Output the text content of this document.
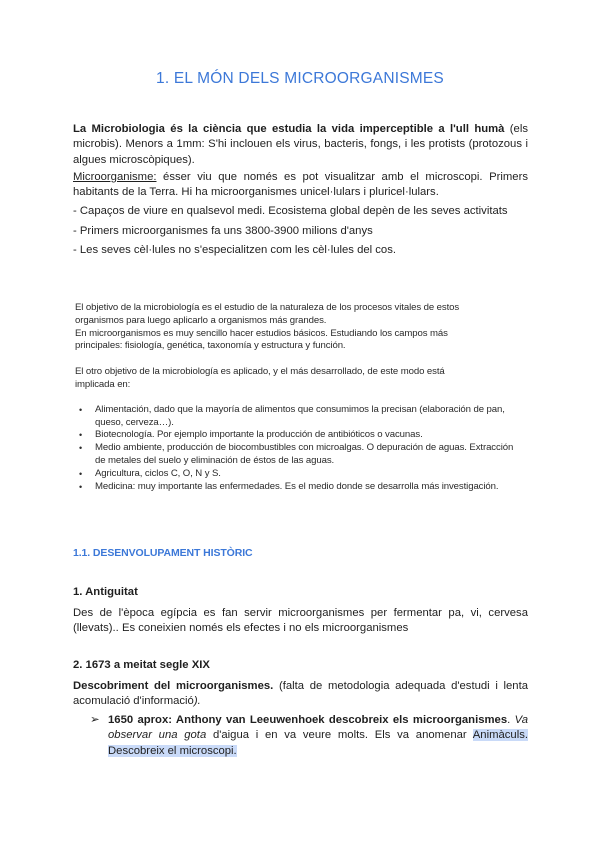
1. EL MÓN DELS MICROORGANISMES
La Microbiologia és la ciència que estudia la vida imperceptible a l'ull humà (els microbis). Menors a 1mm: S'hi inclouen els virus, bacteris, fongs, i les protists (protozous i algues microscòpiques).
Microorganisme: ésser viu que només es pot visualitzar amb el microscopi. Primers habitants de la Terra. Hi ha microorganismes unicel·lulars i pluricel·lulars.
- Capaços de viure en qualsevol medi. Ecosistema global depèn de les seves activitats
- Primers microorganismes fa uns 3800-3900 milions d'anys
- Les seves cèl·lules no s'especialitzen com les cèl·lules del cos.
El objetivo de la microbiología es el estudio de la naturaleza de los procesos vitales de estos
organismos para luego aplicarlo a organismos más grandes.
En microorganismos es muy sencillo hacer estudios básicos. Estudiando los campos más
principales: fisiología, genética, taxonomía y estructura y función.
El otro objetivo de la microbiología es aplicado, y el más desarrollado, de este modo está
implicada en:
• Alimentación, dado que la mayoría de alimentos que consumimos la precisan (elaboración de pan, queso, cerveza…).
• Biotecnología. Por ejemplo importante la producción de antibióticos o vacunas.
• Medio ambiente, producción de biocombustibles con microalgas. O depuración de aguas. Extracción de metales del suelo y eliminación de éstos de las aguas.
• Agricultura, ciclos C, O, N y S.
• Medicina: muy importante las enfermedades. Es el medio donde se desarrolla más investigación.
1.1. DESENVOLUPAMENT HISTÒRIC
1. Antiguitat
Des de l'època egípcia es fan servir microorganismes per fermentar pa, vi, cervesa (llevats).. Es coneixien només els efectes i no els microorganismes
2. 1673 a meitat segle XIX
Descobriment del microorganismes. (falta de metodologia adequada d'estudi i lenta acomulació d'informació).
➢ 1650 aprox: Anthony van Leeuwenhoek descobreix els microorganismes. Va observar una gota d'aigua i en va veure molts. Els va anomenar Animàculs. Descobreix el microscopi.
